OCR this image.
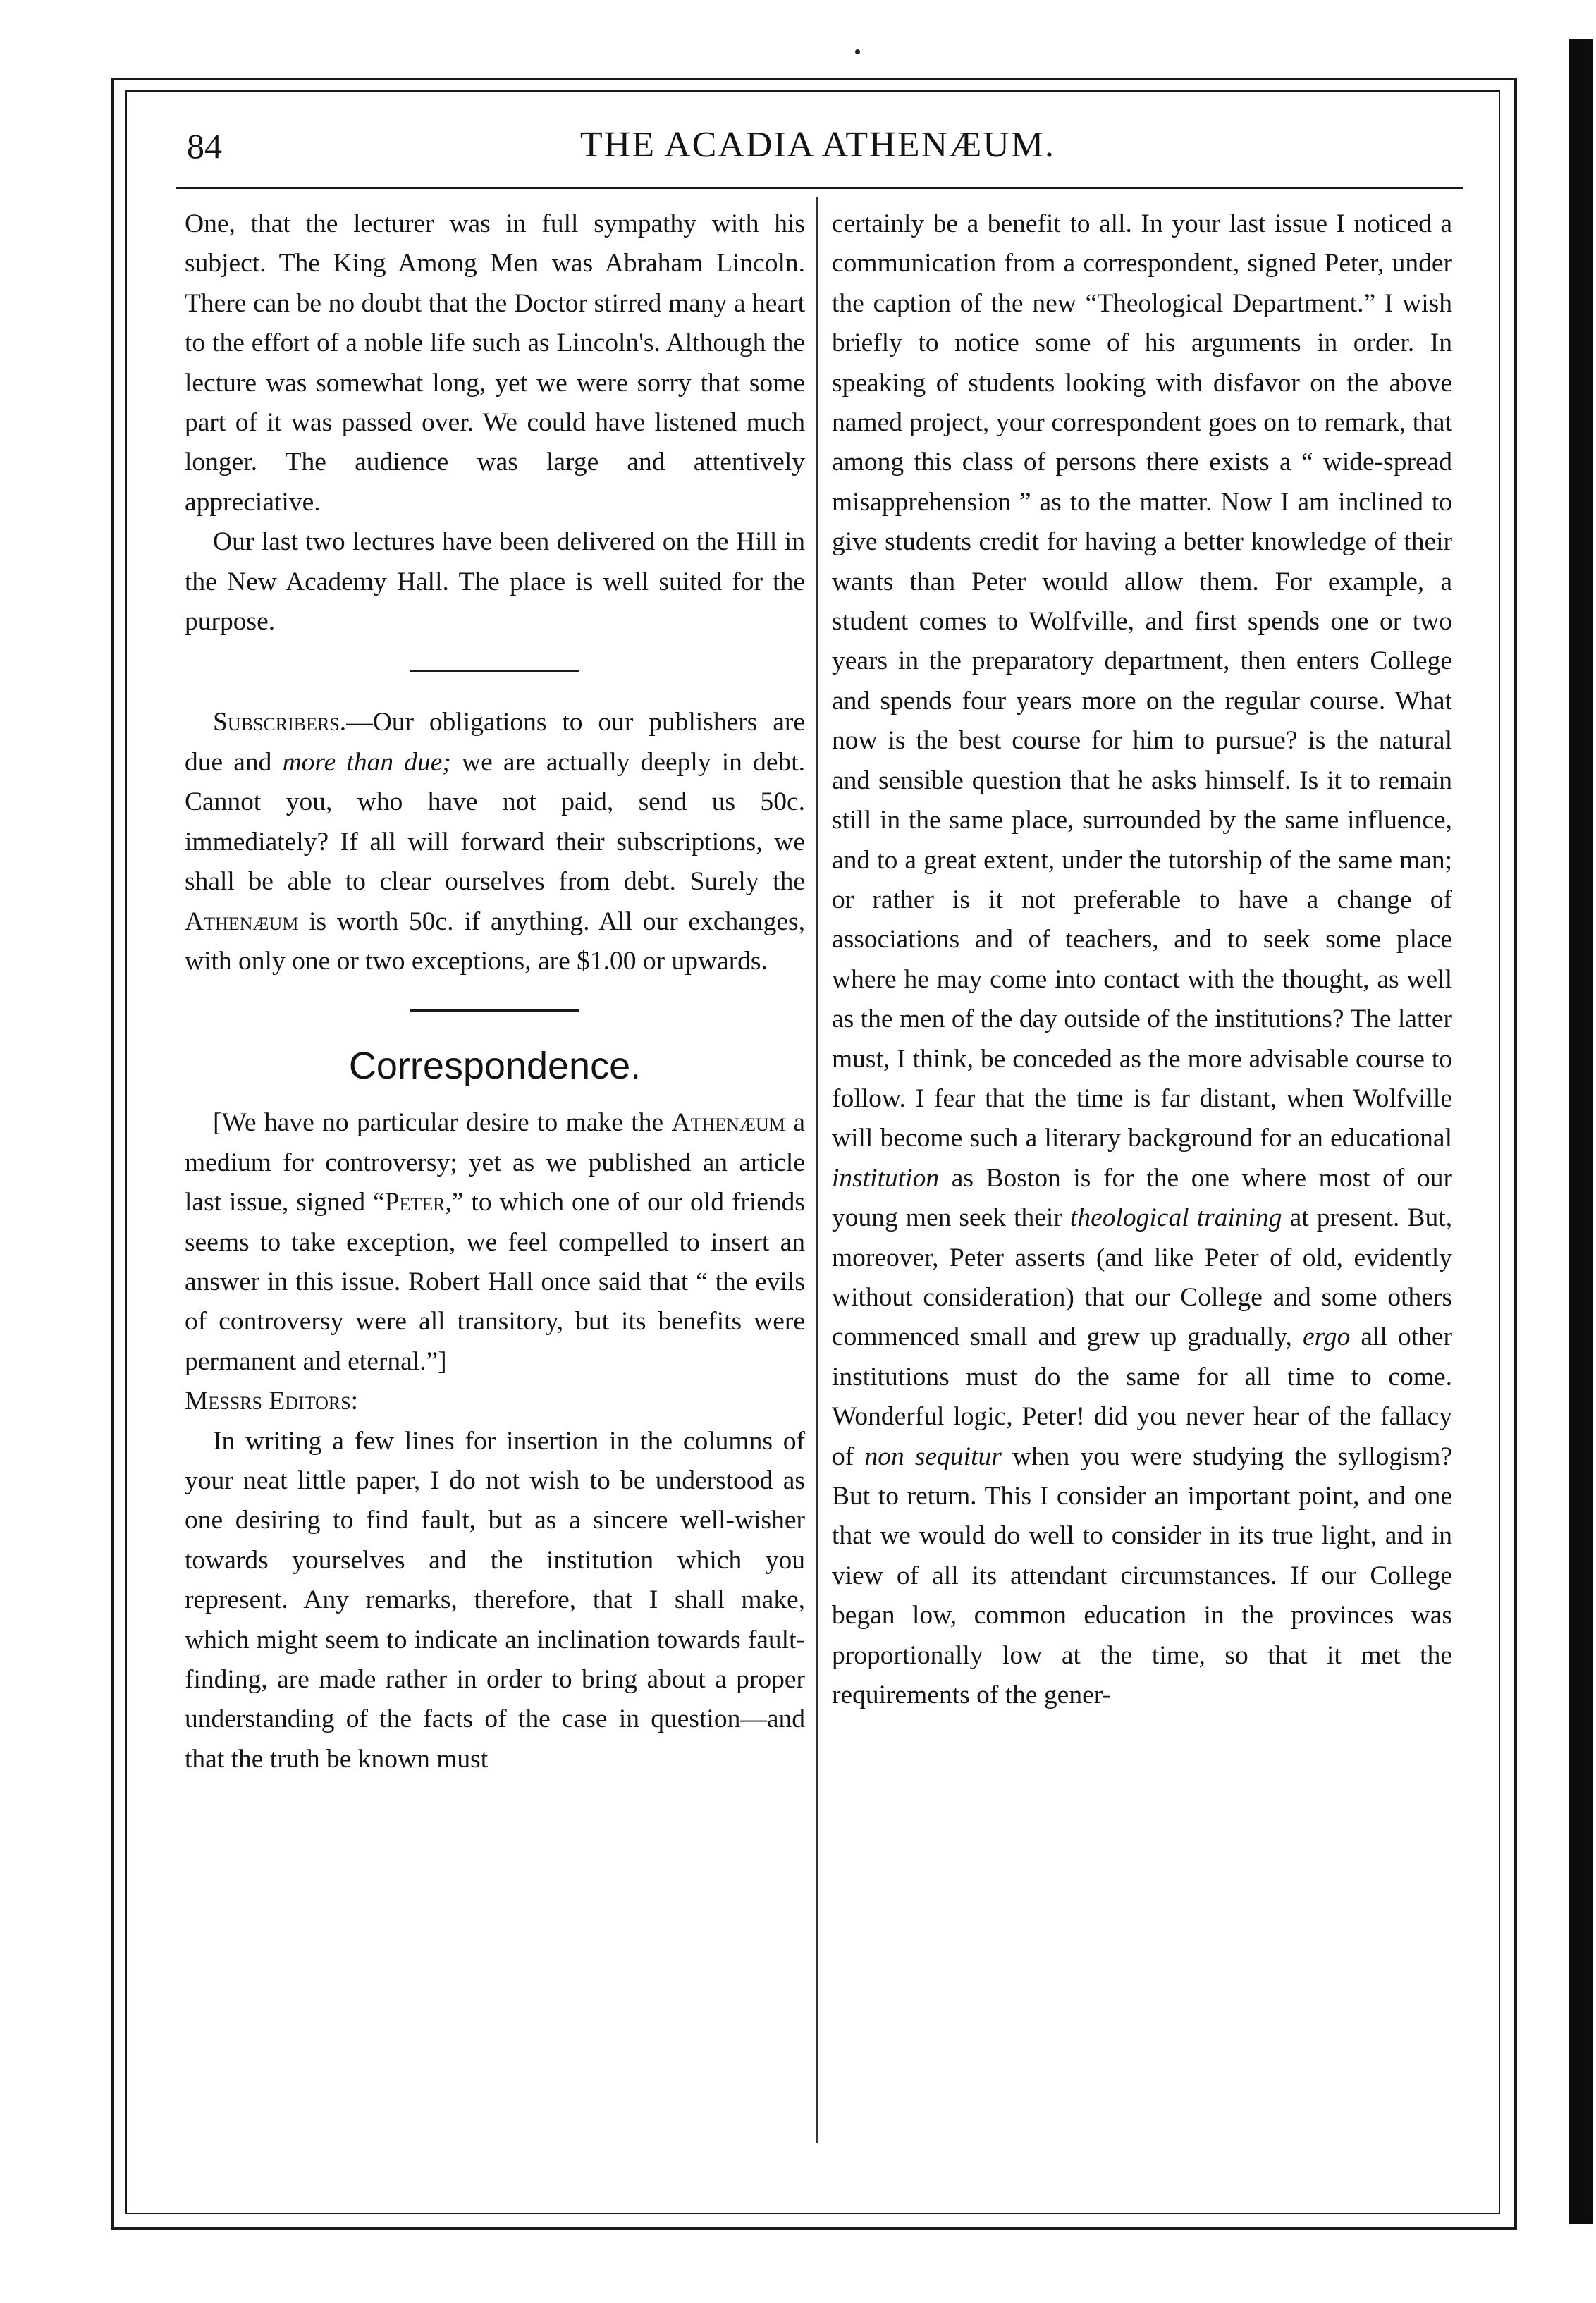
84	THE ACADIA ATHENÆUM.

One, that the lecturer was in full sympathy with his subject. The King Among Men was Abraham Lincoln. There can be no doubt that the Doctor stirred many a heart to the effort of a noble life such as Lincoln's. Although the lecture was somewhat long, yet we were sorry that some part of it was passed over. We could have listened much longer. The audience was large and attentively appreciative.

Our last two lectures have been delivered on the Hill in the New Academy Hall. The place is well suited for the purpose.

Subscribers.—Our obligations to our publishers are due and more than due; we are actually deeply in debt. Cannot you, who have not paid, send us 50c. immediately? If all will forward their subscriptions, we shall be able to clear ourselves from debt. Surely the Athenæum is worth 50c. if anything. All our exchanges, with only one or two exceptions, are $1.00 or upwards.

Correspondence.

[We have no particular desire to make the Athenæum a medium for controversy; yet as we published an article last issue, signed “Peter,” to which one of our old friends seems to take exception, we feel compelled to insert an answer in this issue. Robert Hall once said that “ the evils of controversy were all transitory, but its benefits were permanent and eternal.”]

Messrs Editors:

In writing a few lines for insertion in the columns of your neat little paper, I do not wish to be understood as one desiring to find fault, but as a sincere well-wisher towards yourselves and the institution which you represent. Any remarks, therefore, that I shall make, which might seem to indicate an inclination towards fault-finding, are made rather in order to bring about a proper understanding of the facts of the case in question—and that the truth be known must

certainly be a benefit to all. In your last issue I noticed a communication from a correspondent, signed Peter, under the caption of the new “Theological Department.” I wish briefly to notice some of his arguments in order. In speaking of students looking with disfavor on the above named project, your correspondent goes on to remark, that among this class of persons there exists a “ wide-spread misapprehension ” as to the matter. Now I am inclined to give students credit for having a better knowledge of their wants than Peter would allow them. For example, a student comes to Wolfville, and first spends one or two years in the preparatory department, then enters College and spends four years more on the regular course. What now is the best course for him to pursue? is the natural and sensible question that he asks himself. Is it to remain still in the same place, surrounded by the same influence, and to a great extent, under the tutorship of the same man; or rather is it not preferable to have a change of associations and of teachers, and to seek some place where he may come into contact with the thought, as well as the men of the day outside of the institutions? The latter must, I think, be conceded as the more advisable course to follow. I fear that the time is far distant, when Wolfville will become such a literary background for an educational institution as Boston is for the one where most of our young men seek their theological training at present. But, moreover, Peter asserts (and like Peter of old, evidently without consideration) that our College and some others commenced small and grew up gradually, ergo all other institutions must do the same for all time to come. Wonderful logic, Peter! did you never hear of the fallacy of non sequitur when you were studying the syllogism? But to return. This I consider an important point, and one that we would do well to consider in its true light, and in view of all its attendant circumstances. If our College began low, common education in the provinces was proportionally low at the time, so that it met the requirements of the gener-
